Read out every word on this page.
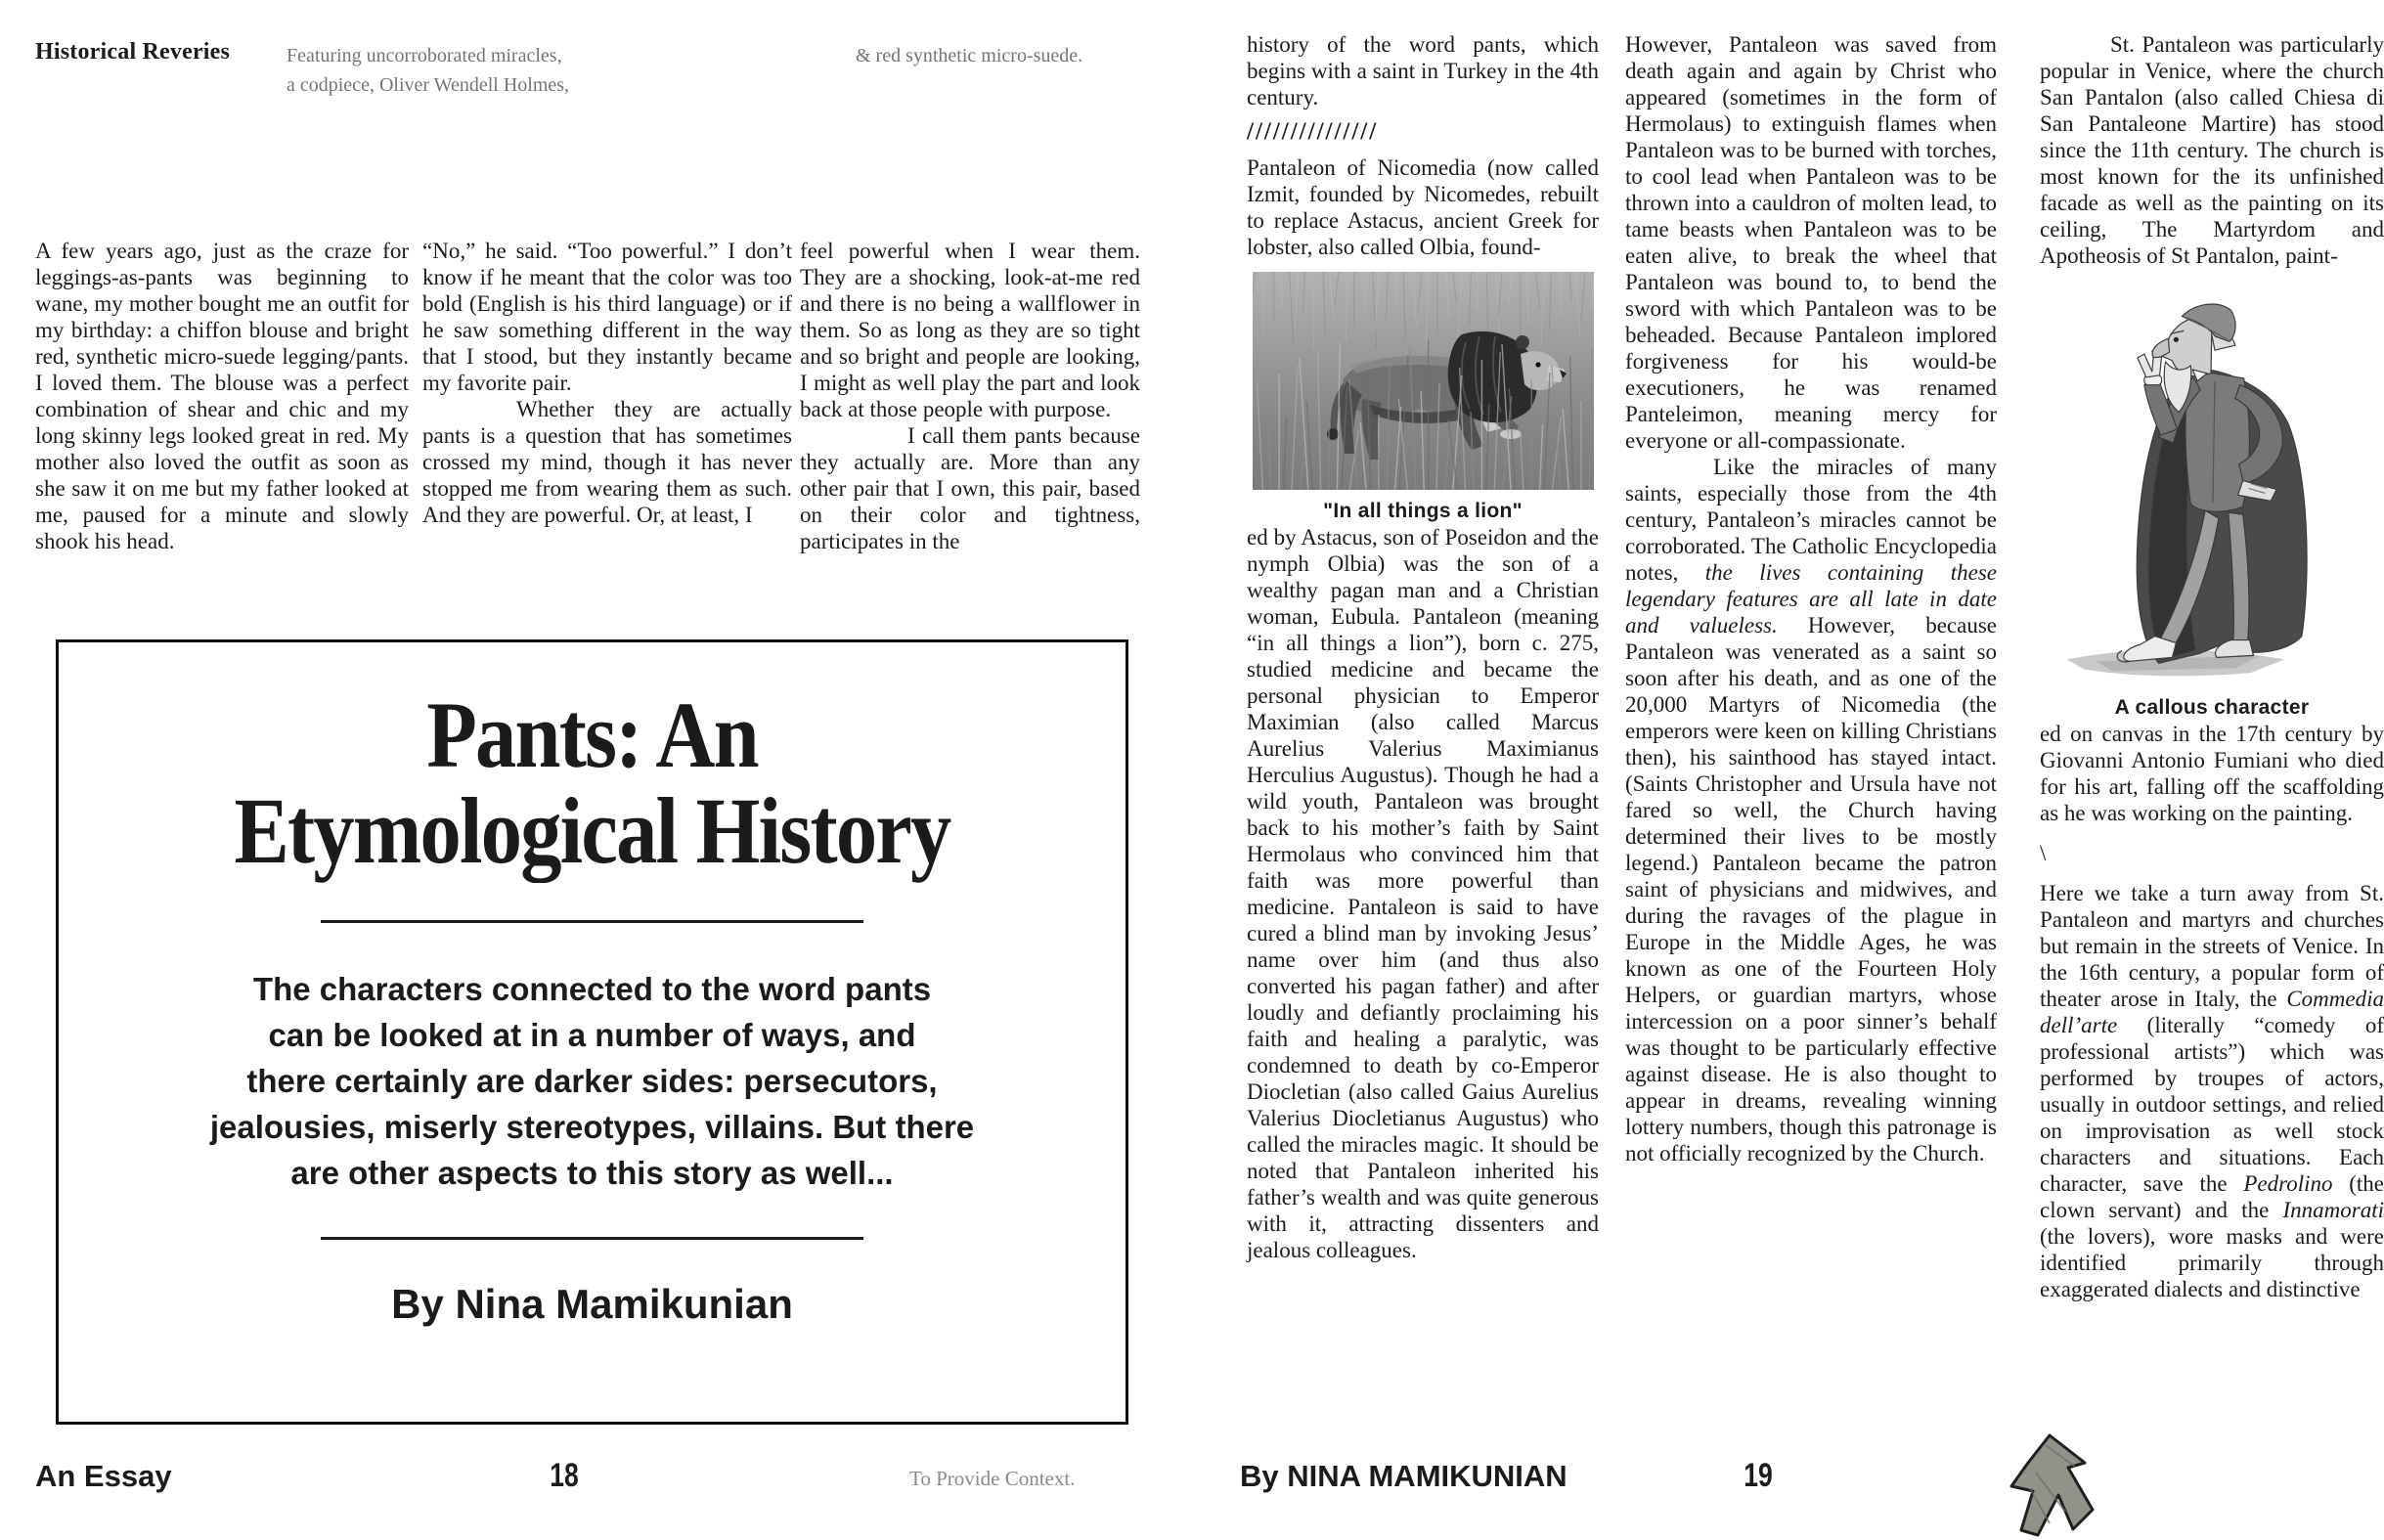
Historical Reveries	Featuring uncorroborated miracles,
a codpiece, Oliver Wendell Holmes,
& red synthetic micro-suede.

A few years ago, just as the craze for leggings-as-pants was beginning to wane, my mother bought me an outfit for my birthday: a chiffon blouse and bright red, synthetic micro-suede legging/pants. I loved them. The blouse was a perfect combination of shear and chic and my long skinny legs looked great in red. My mother also loved the outfit as soon as she saw it on me but my father looked at me, paused for a minute and slowly shook his head.

“No,” he said. “Too powerful.” I don’t know if he meant that the color was too bold (English is his third language) or if he saw something different in the way that I stood, but they instantly became my favorite pair.

Whether they are actually pants is a question that has sometimes crossed my mind, though it has never stopped me from wearing them as such. And they are powerful. Or, at least, I

feel powerful when I wear them. They are a shocking, look-at-me red and there is no being a wallflower in them. So as long as they are so tight and so bright and people are looking, I might as well play the part and look back at those people with purpose.

I call them pants because they actually are. More than any other pair that I own, this pair, based on their color and tightness, participates in the

Pants: An
Etymological History
The characters connected to the word pants
can be looked at in a number of ways, and
there certainly are darker sides: persecutors,
jealousies, miserly stereotypes, villains. But there
are other aspects to this story as well...
By Nina Mamikunian

history of the word pants, which begins with a saint in Turkey in the 4th century.

///////////////

Pantaleon of Nicomedia (now called Izmit, founded by Nicomedes, rebuilt to replace Astacus, ancient Greek for lobster, also called Olbia, found-

"In all things a lion"

ed by Astacus, son of Poseidon and the nymph Olbia) was the son of a wealthy pagan man and a Christian woman, Eubula. Pantaleon (meaning “in all things a lion”), born c. 275, studied medicine and became the personal physician to Emperor Maximian (also called Marcus Aurelius Valerius Maximianus Herculius Augustus). Though he had a wild youth, Pantaleon was brought back to his mother’s faith by Saint Hermolaus who convinced him that faith was more powerful than medicine. Pantaleon is said to have cured a blind man by invoking Jesus’ name over him (and thus also converted his pagan father) and after loudly and defiantly proclaiming his faith and healing a paralytic, was condemned to death by co-Emperor Diocletian (also called Gaius Aurelius Valerius Diocletianus Augustus) who called the miracles magic. It should be noted that Pantaleon inherited his father’s wealth and was quite generous with it, attracting dissenters and jealous colleagues.

However, Pantaleon was saved from death again and again by Christ who appeared (sometimes in the form of Hermolaus) to extinguish flames when Pantaleon was to be burned with torches, to cool lead when Pantaleon was to be thrown into a cauldron of molten lead, to tame beasts when Pantaleon was to be eaten alive, to break the wheel that Pantaleon was bound to, to bend the sword with which Pantaleon was to be beheaded. Because Pantaleon implored forgiveness for his would-be executioners, he was renamed Panteleimon, meaning mercy for everyone or all-compassionate.

Like the miracles of many saints, especially those from the 4th century, Pantaleon’s miracles cannot be corroborated. The Catholic Encyclopedia notes, the lives containing these legendary features are all late in date and valueless. However, because Pantaleon was venerated as a saint so soon after his death, and as one of the 20,000 Martyrs of Nicomedia (the emperors were keen on killing Christians then), his sainthood has stayed intact. (Saints Christopher and Ursula have not fared so well, the Church having determined their lives to be mostly legend.) Pantaleon became the patron saint of physicians and midwives, and during the ravages of the plague in Europe in the Middle Ages, he was known as one of the Fourteen Holy Helpers, or guardian martyrs, whose intercession on a poor sinner’s behalf was thought to be particularly effective against disease. He is also thought to appear in dreams, revealing winning lottery numbers, though this patronage is not officially recognized by the Church.

St. Pantaleon was particularly popular in Venice, where the church San Pantalon (also called Chiesa di San Pantaleone Martire) has stood since the 11th century. The church is most known for the its unfinished facade as well as the painting on its ceiling, The Martyrdom and Apotheosis of St Pantalon, paint-

A callous character

ed on canvas in the 17th century by Giovanni Antonio Fumiani who died for his art, falling off the scaffolding as he was working on the painting.

\

Here we take a turn away from St. Pantaleon and martyrs and churches but remain in the streets of Venice. In the 16th century, a popular form of theater arose in Italy, the Commedia dell’arte (literally “comedy of professional artists”) which was performed by troupes of actors, usually in outdoor settings, and relied on improvisation as well stock characters and situations. Each character, save the Pedrolino (the clown servant) and the Innamorati (the lovers), wore masks and were identified primarily through exaggerated dialects and distinctive

An Essay	18	To Provide Context.	By NINA MAMIKUNIAN	19
